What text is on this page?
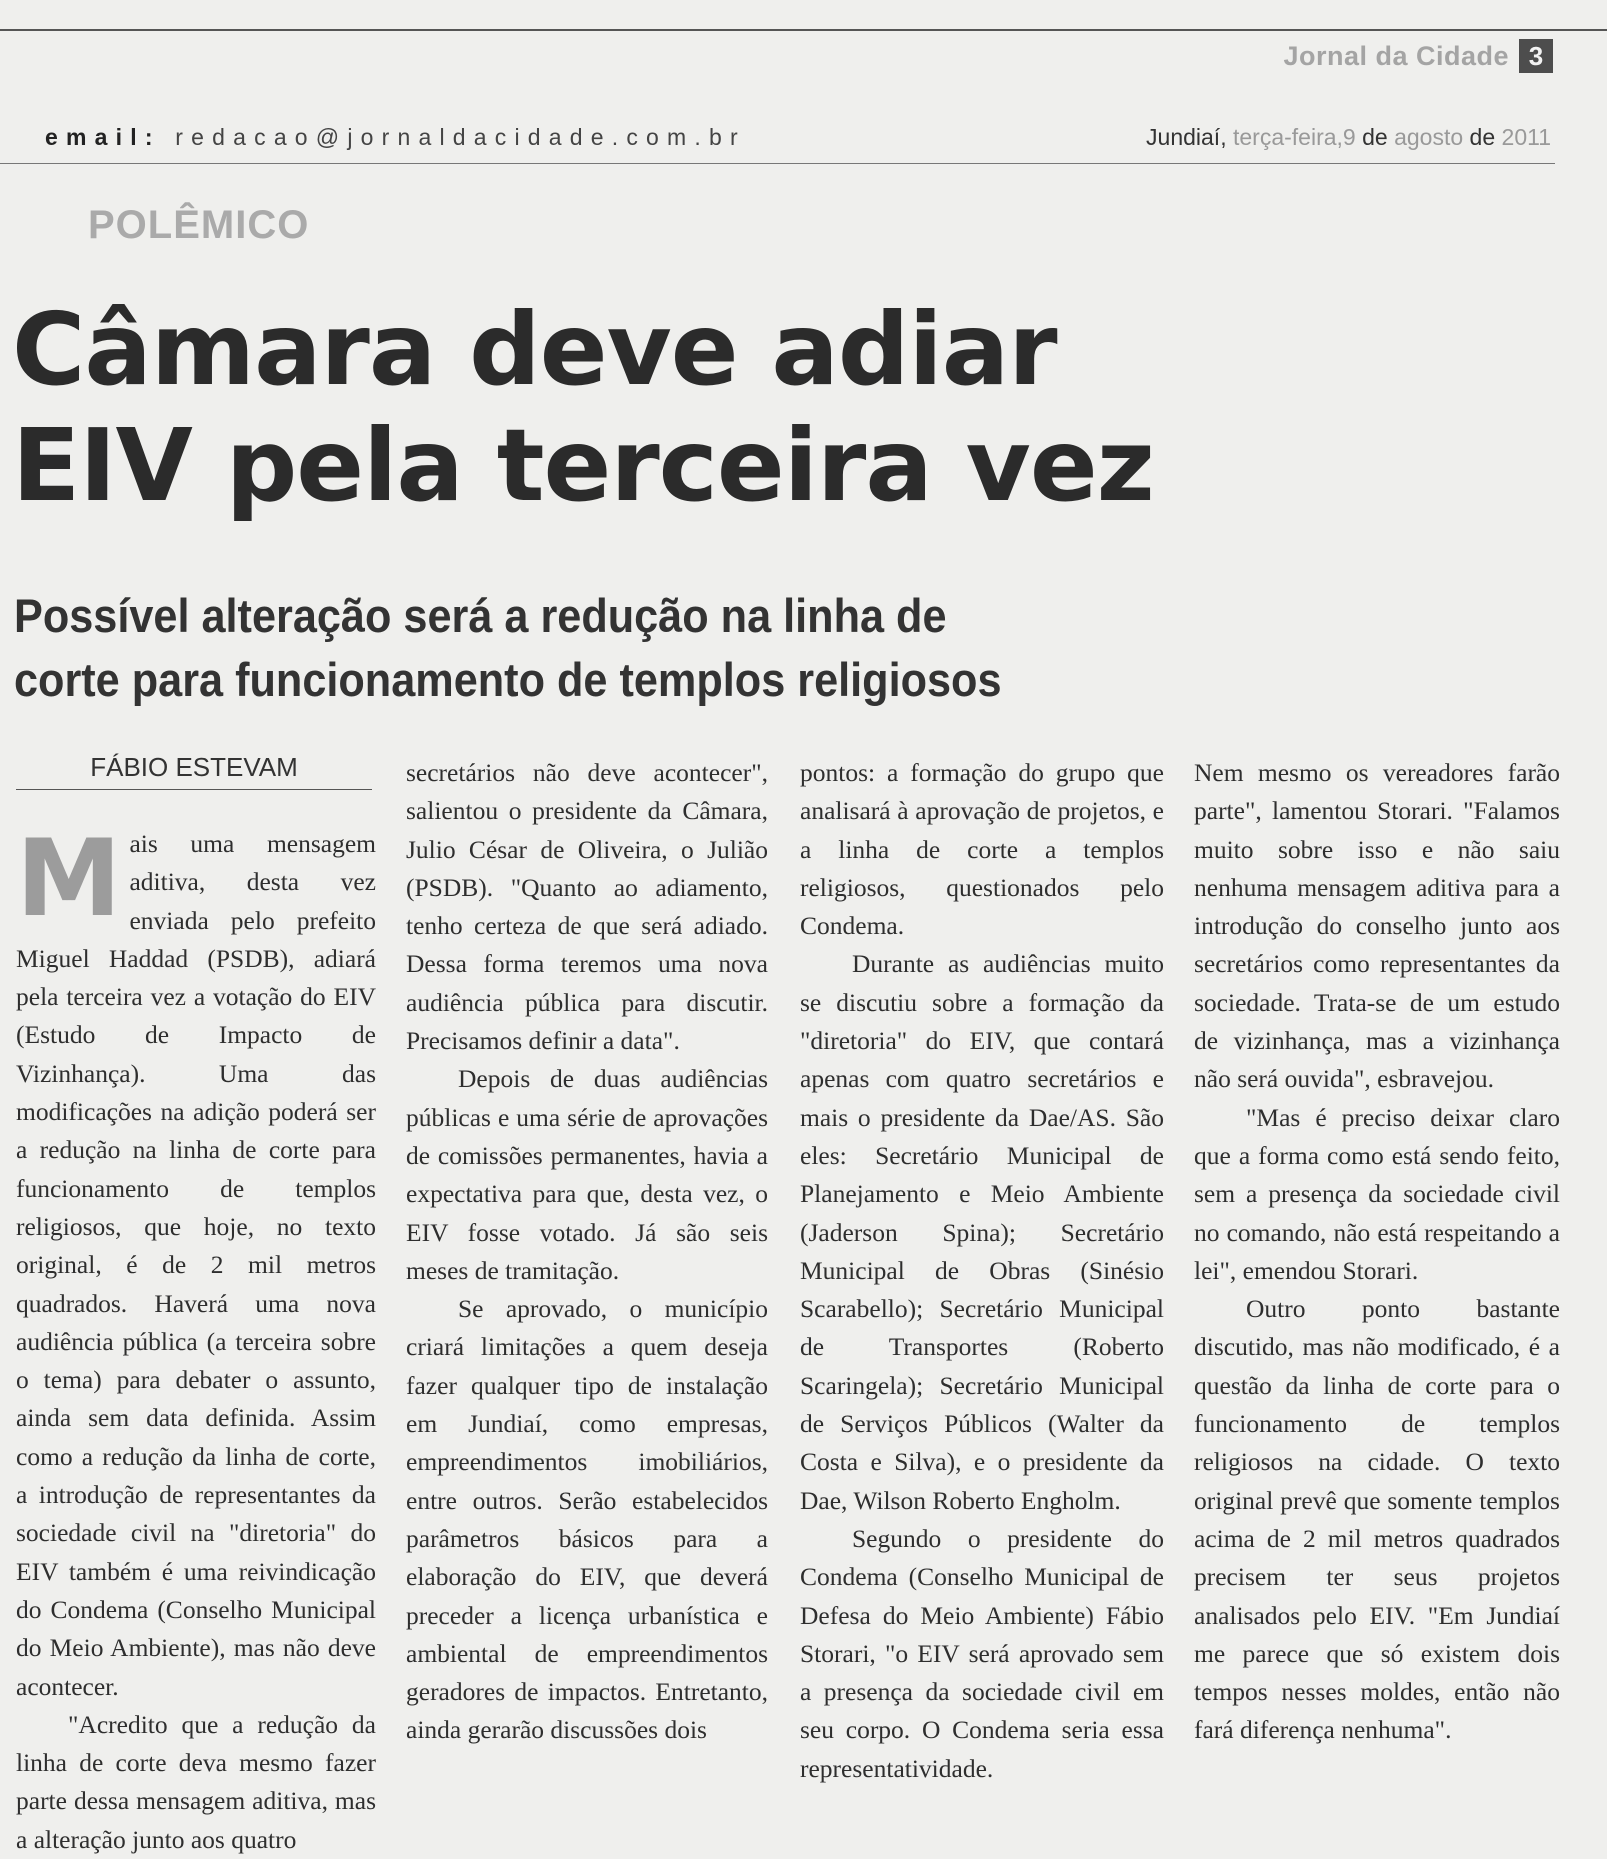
Jornal da Cidade 3
email: redacao@jornaldacidade.com.br	Jundiaí, terça-feira,9 de agosto de 2011
POLÊMICO
Câmara deve adiar
EIV pela terceira vez
Possível alteração será a redução na linha de
corte para funcionamento de templos religiosos
FÁBIO ESTEVAM

M ais uma mensagem aditiva, desta vez enviada pelo prefeito Miguel Haddad (PSDB), adiará pela terceira vez a votação do EIV (Estudo de Impacto de Vizinhança). Uma das modificações na adição poderá ser a redução na linha de corte para funcionamento de templos religiosos, que hoje, no texto original, é de 2 mil metros quadrados. Haverá uma nova audiência pública (a terceira sobre o tema) para debater o assunto, ainda sem data definida. Assim como a redução da linha de corte, a introdução de representantes da sociedade civil na "diretoria" do EIV também é uma reivindicação do Condema (Conselho Municipal do Meio Ambiente), mas não deve acontecer.

"Acredito que a redução da linha de corte deva mesmo fazer parte dessa mensagem aditiva, mas a alteração junto aos quatro

secretários não deve acontecer", salientou o presidente da Câmara, Julio César de Oliveira, o Julião (PSDB). "Quanto ao adiamento, tenho certeza de que será adiado. Dessa forma teremos uma nova audiência pública para discutir. Precisamos definir a data".

Depois de duas audiências públicas e uma série de aprovações de comissões permanentes, havia a expectativa para que, desta vez, o EIV fosse votado. Já são seis meses de tramitação.

Se aprovado, o município criará limitações a quem deseja fazer qualquer tipo de instalação em Jundiaí, como empresas, empreendimentos imobiliários, entre outros. Serão estabelecidos parâmetros básicos para a elaboração do EIV, que deverá preceder a licença urbanística e ambiental de empreendimentos geradores de impactos. Entretanto, ainda gerarão discussões dois

pontos: a formação do grupo que analisará à aprovação de projetos, e a linha de corte a templos religiosos, questionados pelo Condema.

Durante as audiências muito se discutiu sobre a formação da "diretoria" do EIV, que contará apenas com quatro secretários e mais o presidente da Dae/AS. São eles: Secretário Municipal de Planejamento e Meio Ambiente (Jaderson Spina); Secretário Municipal de Obras (Sinésio Scarabello); Secretário Municipal de Transportes (Roberto Scaringela); Secretário Municipal de Serviços Públicos (Walter da Costa e Silva), e o presidente da Dae, Wilson Roberto Engholm.

Segundo o presidente do Condema (Conselho Municipal de Defesa do Meio Ambiente) Fábio Storari, "o EIV será aprovado sem a presença da sociedade civil em seu corpo. O Condema seria essa representatividade.

Nem mesmo os vereadores farão parte", lamentou Storari. "Falamos muito sobre isso e não saiu nenhuma mensagem aditiva para a introdução do conselho junto aos secretários como representantes da sociedade. Trata-se de um estudo de vizinhança, mas a vizinhança não será ouvida", esbravejou.

"Mas é preciso deixar claro que a forma como está sendo feito, sem a presença da sociedade civil no comando, não está respeitando a lei", emendou Storari.

Outro ponto bastante discutido, mas não modificado, é a questão da linha de corte para o funcionamento de templos religiosos na cidade. O texto original prevê que somente templos acima de 2 mil metros quadrados precisem ter seus projetos analisados pelo EIV. "Em Jundiaí me parece que só existem dois tempos nesses moldes, então não fará diferença nenhuma".
